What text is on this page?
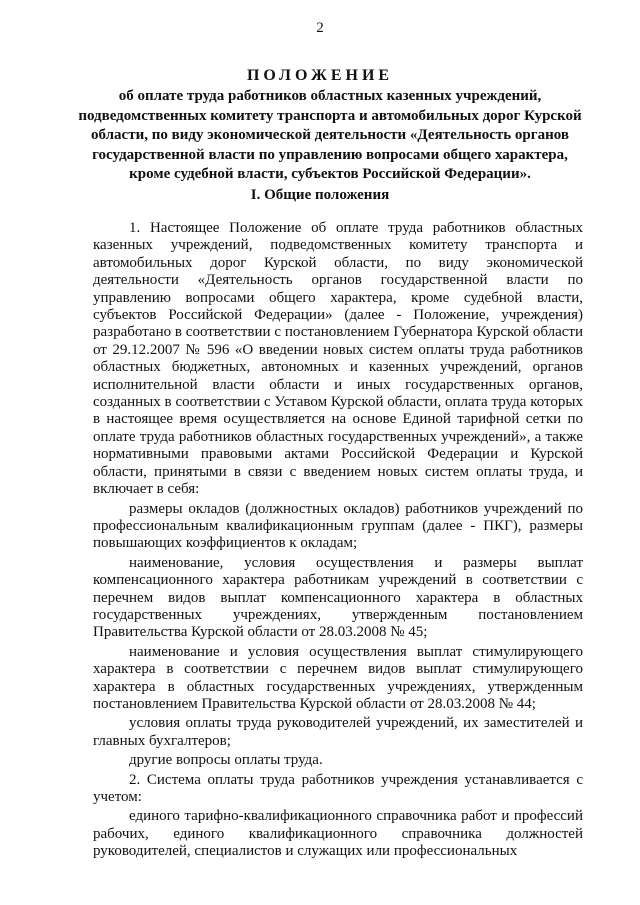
2
ПОЛОЖЕНИЕ
об оплате труда работников областных казенных учреждений, подведомственных комитету транспорта и автомобильных дорог Курской области, по виду экономической деятельности «Деятельность органов государственной власти по управлению вопросами общего характера, кроме судебной власти, субъектов Российской Федерации».
I. Общие положения

1. Настоящее Положение об оплате труда работников областных казенных учреждений, подведомственных комитету транспорта и автомобильных дорог Курской области, по виду экономической деятельности «Деятельность органов государственной власти по управлению вопросами общего характера, кроме судебной власти, субъектов Российской Федерации» (далее - Положение, учреждения) разработано в соответствии с постановлением Губернатора Курской области от 29.12.2007 № 596 «О введении новых систем оплаты труда работников областных бюджетных, автономных и казенных учреждений, органов исполнительной власти области и иных государственных органов, созданных в соответствии с Уставом Курской области, оплата труда которых в настоящее время осуществляется на основе Единой тарифной сетки по оплате труда работников областных государственных учреждений», а также нормативными правовыми актами Российской Федерации и Курской области, принятыми в связи с введением новых систем оплаты труда, и включает в себя:

размеры окладов (должностных окладов) работников учреждений по профессиональным квалификационным группам (далее - ПКГ), размеры повышающих коэффициентов к окладам;

наименование, условия осуществления и размеры выплат компенсационного характера работникам учреждений в соответствии с перечнем видов выплат компенсационного характера в областных государственных учреждениях, утвержденным постановлением Правительства Курской области от 28.03.2008 № 45;

наименование и условия осуществления выплат стимулирующего характера в соответствии с перечнем видов выплат стимулирующего характера в областных государственных учреждениях, утвержденным постановлением Правительства Курской области от 28.03.2008 № 44;

условия оплаты труда руководителей учреждений, их заместителей и главных бухгалтеров;

другие вопросы оплаты труда.

2. Система оплаты труда работников учреждения устанавливается с учетом:

единого тарифно-квалификационного справочника работ и профессий рабочих, единого квалификационного справочника должностей руководителей, специалистов и служащих или профессиональных
